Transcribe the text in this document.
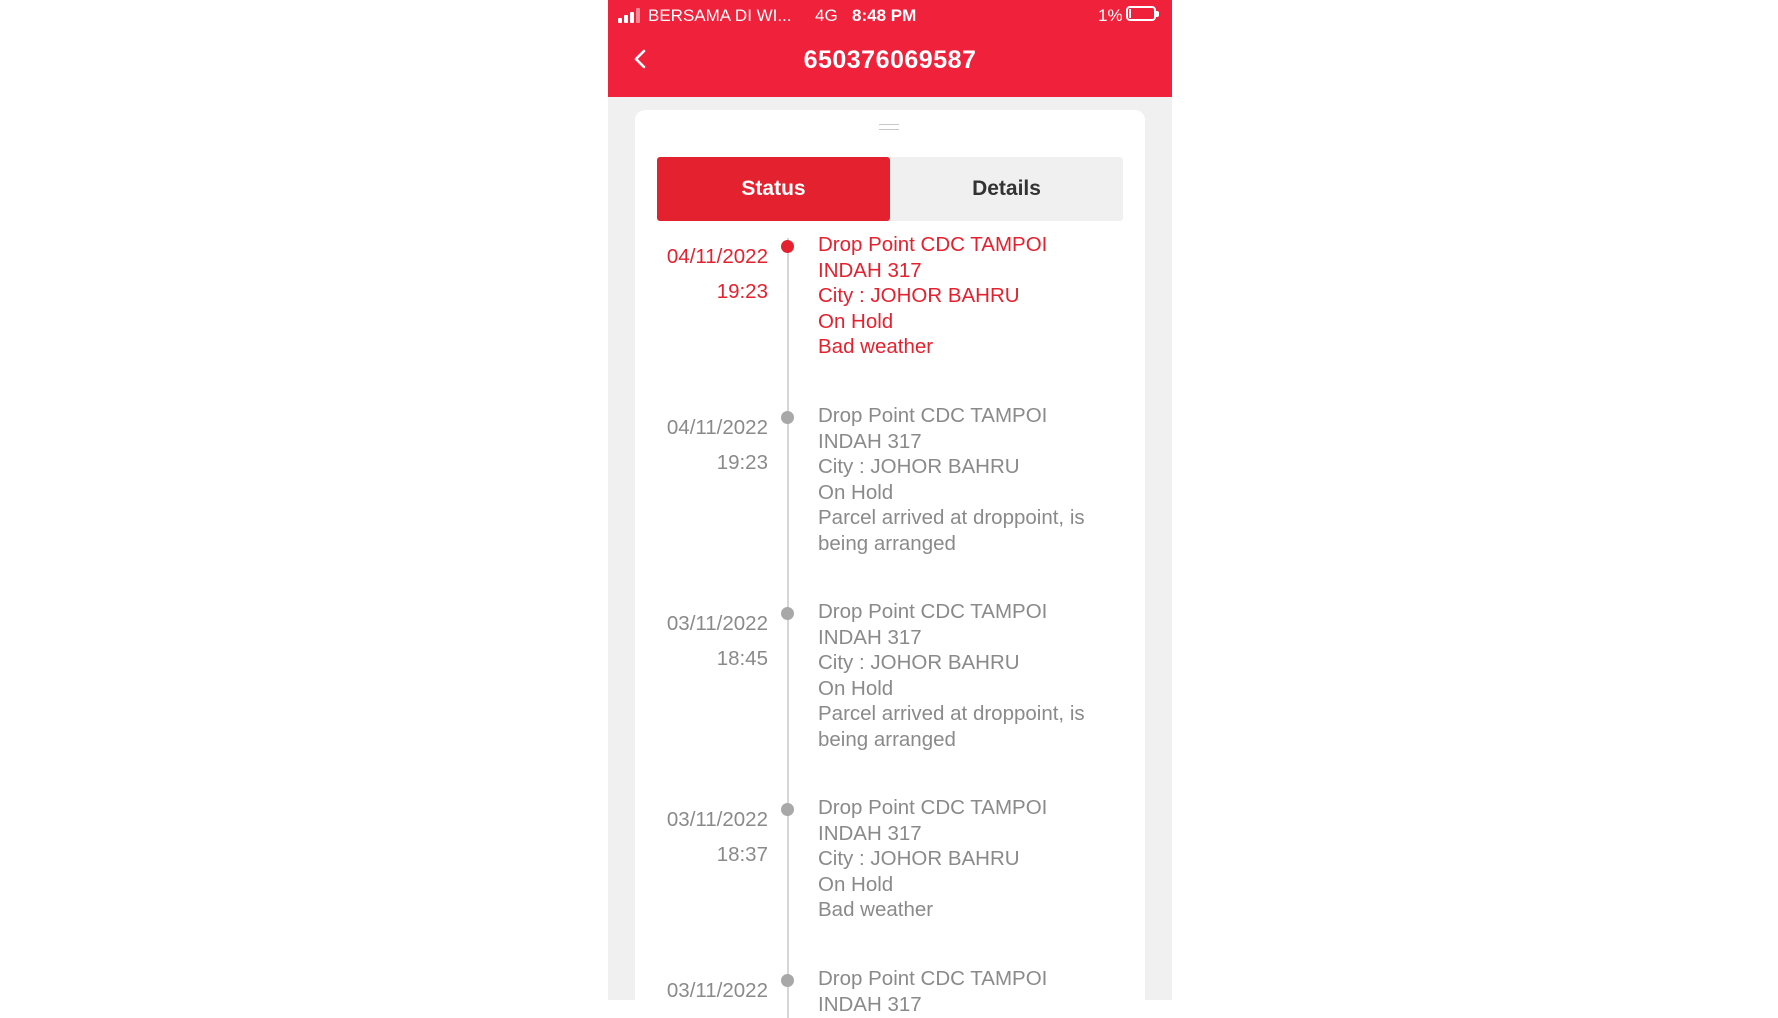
BERSAMA DI WI... 4G 8:48 PM	1%
650376069587
Status	Details
04/11/2022
19:23
Drop Point CDC TAMPOI
INDAH 317
City : JOHOR BAHRU
On Hold
Bad weather
04/11/2022
19:23
Drop Point CDC TAMPOI
INDAH 317
City : JOHOR BAHRU
On Hold
Parcel arrived at droppoint, is
being arranged
03/11/2022
18:45
Drop Point CDC TAMPOI
INDAH 317
City : JOHOR BAHRU
On Hold
Parcel arrived at droppoint, is
being arranged
03/11/2022
18:37
Drop Point CDC TAMPOI
INDAH 317
City : JOHOR BAHRU
On Hold
Bad weather
03/11/2022
Drop Point CDC TAMPOI
INDAH 317
